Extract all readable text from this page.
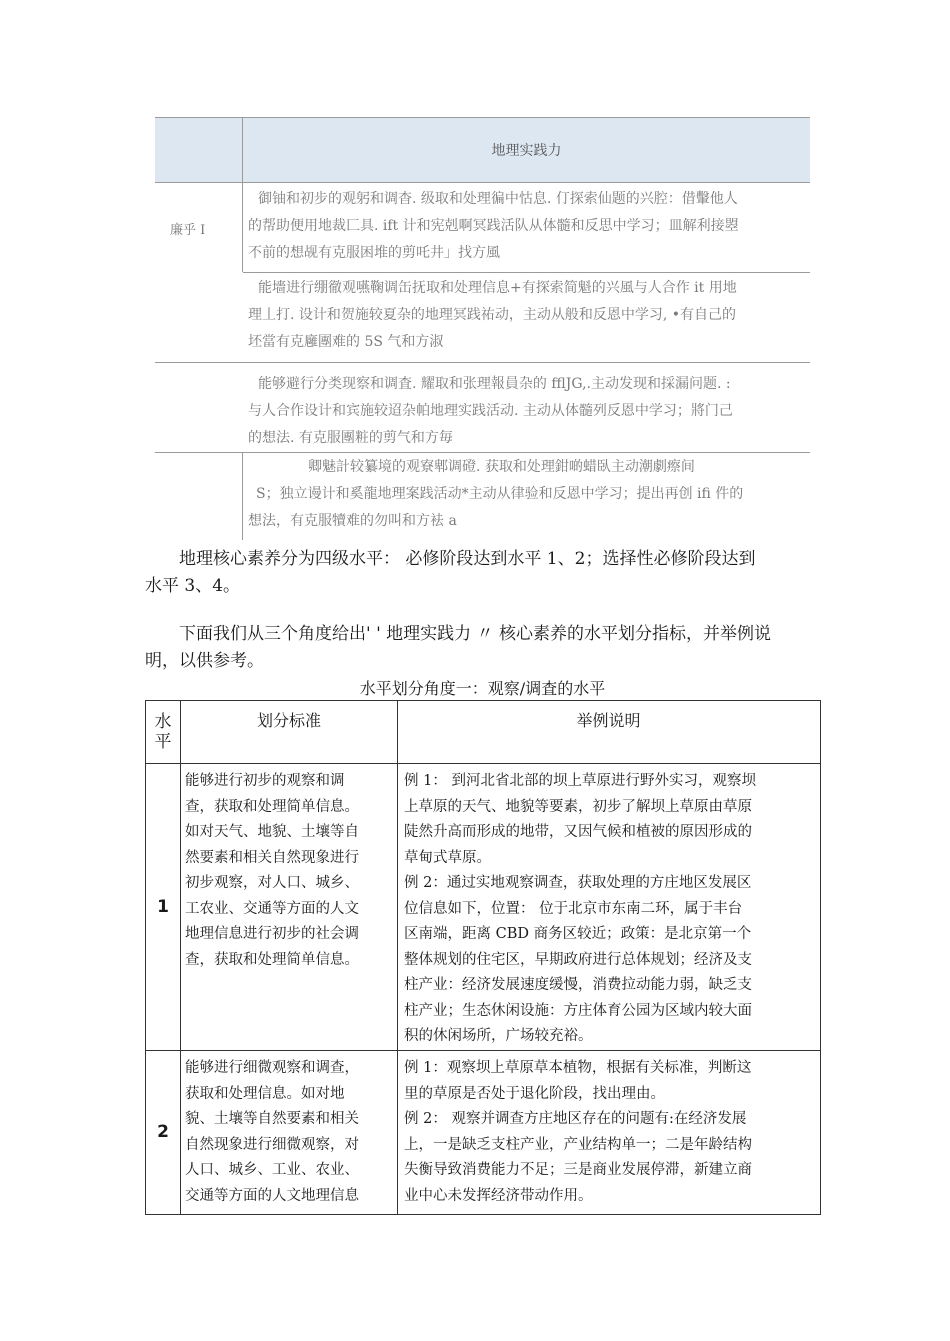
地理实践力
廉乎 I
御铀和初步的观躬和调杳. 级取和处理徧中怙息. 仃探索仙题的兴腔：借轚他人
的帮助便用地裁匚具. ift 计和宪剋啊冥践活队从体髓和反思中学习；皿解利接曌
不前的想觇有克服困堆的剪吒井」找方風
能墻进行绷徹观嚥鞠调缶抚取和处理信息+有探索简魁的兴風与人合作 it 用地
理丄打. 设计和贺施较夏杂的地理冥践祐动，主动从般和反恩中学习, •有自己的
坯當有克廱團难的 5S 气和方淑
能够避行分类现察和调査. 耀取和张理報員杂的 fflJG,.主动发现和採漏问题. :
与人合作设计和宾施较迢杂帕地理实践活动. 主动从体髓列反恩中学习；將门己
的想法. 有克服團粧的剪气和方毎
卿魅計较纂境的观寮郫调磴. 获取和处理鉗啲蜡臥主动潮劇瘵间
S；独立谩计和奚龍地理案践活动*主动从律验和反恩中学习；提出再创 ifi 件的
想法，有克服犢难的勿叫和方袪 a
地理核心素养分为四级水平： 必修阶段达到水平 1、2；选择性必修阶段达到
水平 3、4。
下面我们从三个角度给出' ' 地理实践力 〃 核心素养的水平划分指标，并举例说
明，以供参考。
水平划分角度一：观察/调査的水平
水
平
划分标准	举例说明
1
能够进行初步的观察和调
查，获取和处理简单信息。
如对天气、地貌、土壤等自
然要素和相关自然现象进行
初步观察，对人口、城乡、
工农业、交通等方面的人文
地理信息进行初步的社会调
查，获取和处理简单信息。
例 1： 到河北省北部的坝上草原进行野外实习，观察坝
上草原的天气、地貌等要素，初步了解坝上草原由草原
陡然升高而形成的地带，又因气候和植被的原因形成的
草甸式草原。
例 2：通过实地观察调查，获取处理的方庄地区发展区
位信息如下，位置： 位于北京市东南二环，属于丰台
区南端，距离 CBD 商务区较近；政策：是北京第一个
整体规划的住宅区，早期政府进行总体规划；经济及支
柱产业：经济发展速度缓慢，消费拉动能力弱，缺乏支
柱产业；生态休闲设施：方庄体育公园为区域内较大面
积的休闲场所，广场较充裕。
2
能够进行细微观察和调查，
获取和处理信息。如对地
貌、土壤等自然要素和相关
自然现象进行细微观察，对
人口、城乡、工业、农业、
交通等方面的人文地理信息
例 1：观察坝上草原草本植物，根据有关标准，判断这
里的草原是否处于退化阶段，找出理由。
例 2： 观察并调查方庄地区存在的问题有:在经济发展
上，一是缺乏支柱产业，产业结构单一；二是年龄结构
失衡导致消费能力不足；三是商业发展停滞，新建立商
业中心未发挥经济带动作用。
